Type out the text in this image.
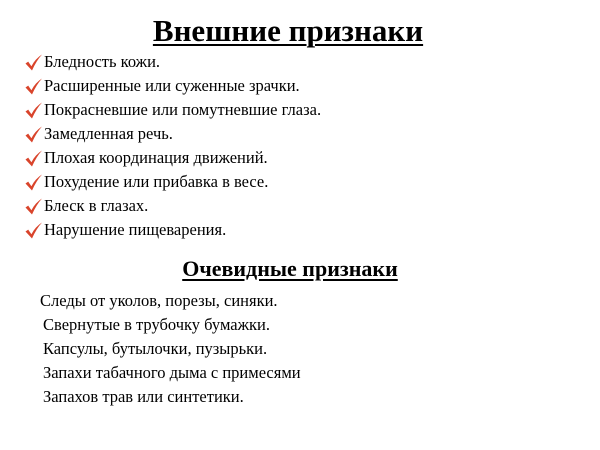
Внешние признаки
Бледность кожи.
Расширенные или суженные зрачки.
Покрасневшие или помутневшие глаза.
Замедленная речь.
Плохая координация движений.
Похудение или прибавка в весе.
Блеск в глазах.
Нарушение пищеварения.
Очевидные признаки
Следы от уколов, порезы, синяки.
Свернутые в трубочку бумажки.
Капсулы, бутылочки, пузырьки.
Запахи табачного дыма с примесями
Запахов трав или синтетики.
